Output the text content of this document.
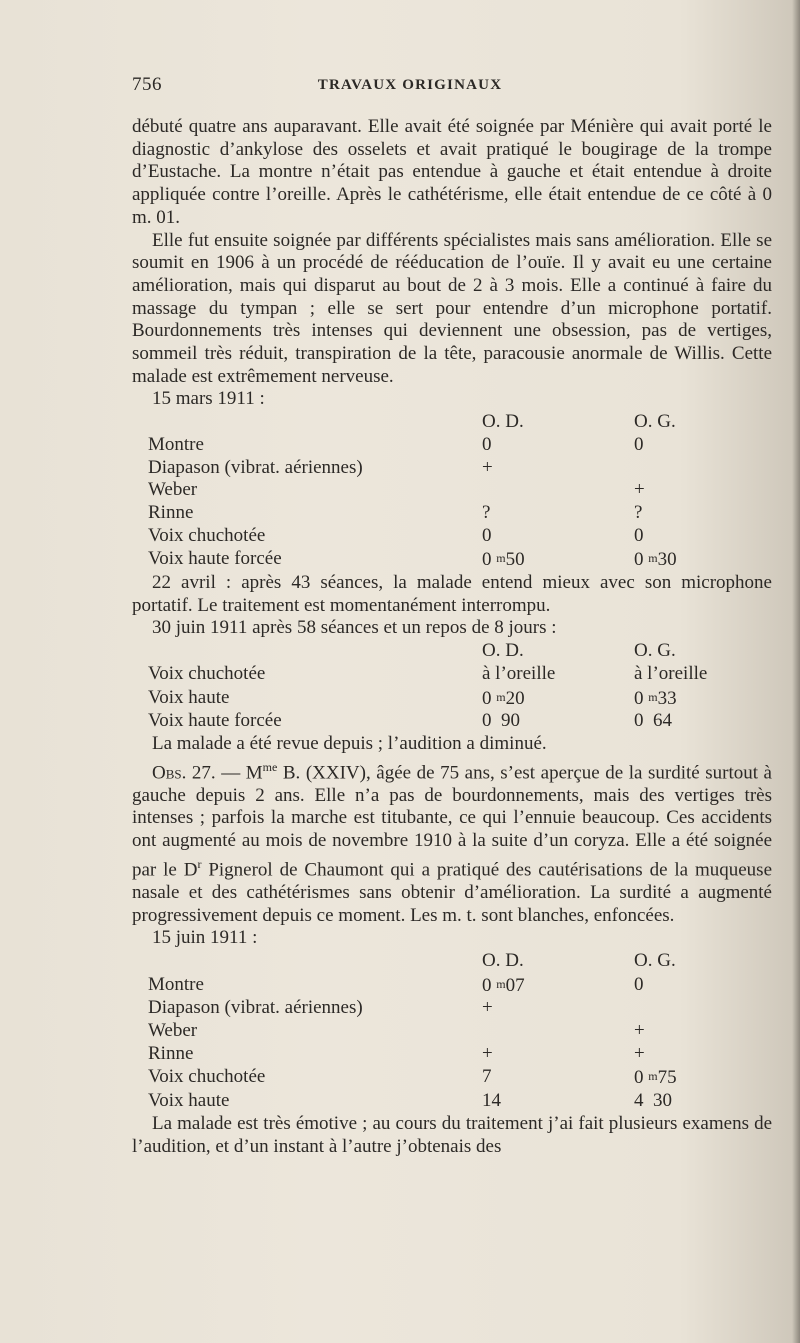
756	TRAVAUX ORIGINAUX

débuté quatre ans auparavant. Elle avait été soignée par Ménière qui avait porté le diagnostic d’ankylose des osselets et avait pratiqué le bougirage de la trompe d’Eustache. La montre n’était pas entendue à gauche et était entendue à droite appliquée contre l’oreille. Après le cathétérisme, elle était entendue de ce côté à 0 m. 01.

Elle fut ensuite soignée par différents spécialistes mais sans amélioration. Elle se soumit en 1906 à un procédé de rééducation de l’ouïe. Il y avait eu une certaine amélioration, mais qui disparut au bout de 2 à 3 mois. Elle a continué à faire du massage du tympan ; elle se sert pour entendre d’un microphone portatif. Bourdonnements très intenses qui deviennent une obsession, pas de vertiges, sommeil très réduit, transpiration de la tête, paracousie anormale de Willis. Cette malade est extrêmement nerveuse.

15 mars 1911 :

	O. D.	O. G.
Montre	0	0
Diapason (vibrat. aériennes)	+	
Weber		+
Rinne	?	?
Voix chuchotée	0	0
Voix haute forcée	0 m50	0 m30

22 avril : après 43 séances, la malade entend mieux avec son microphone portatif. Le traitement est momentanément interrompu.

30 juin 1911 après 58 séances et un repos de 8 jours :

	O. D.	O. G.
Voix chuchotée	à l’oreille	à l’oreille
Voix haute	0 m20	0 m33
Voix haute forcée	0  90	0  64

La malade a été revue depuis ; l’audition a diminué.

Obs. 27. — $M^{me}$ B. (XXIV), âgée de 75 ans, s’est aperçue de la surdité surtout à gauche depuis 2 ans. Elle n’a pas de bourdonnements, mais des vertiges très intenses ; parfois la marche est titubante, ce qui l’ennuie beaucoup. Ces accidents ont augmenté au mois de novembre 1910 à la suite d’un coryza. Elle a été soignée par le $D^r$ Pignerol de Chaumont qui a pratiqué des cautérisations de la muqueuse nasale et des cathétérismes sans obtenir d’amélioration. La surdité a augmenté progressivement depuis ce moment. Les m. t. sont blanches, enfoncées.

15 juin 1911 :

	O. D.	O. G.
Montre	0 m07	0
Diapason (vibrat. aériennes)	+	
Weber		+
Rinne	+	+
Voix chuchotée	7	0 m75
Voix haute	14	4  30

La malade est très émotive ; au cours du traitement j’ai fait plusieurs examens de l’audition, et d’un instant à l’autre j’obtenais des
